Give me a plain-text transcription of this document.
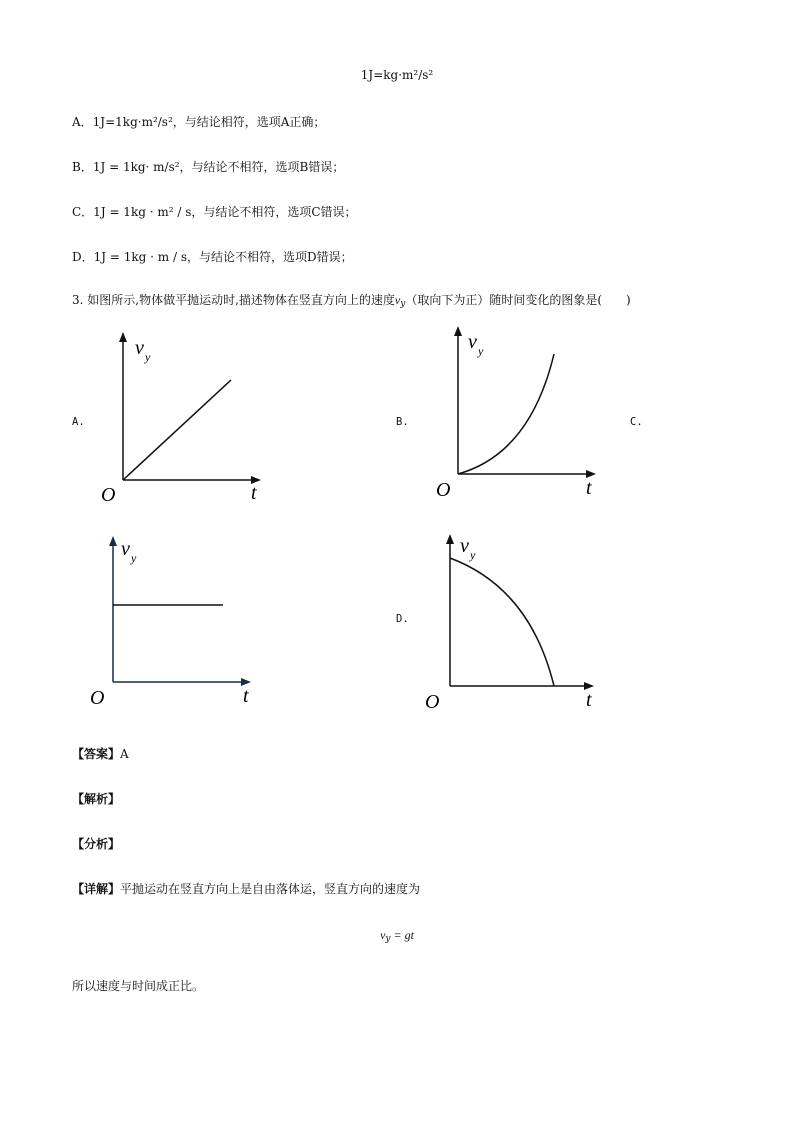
1J=kg·m²/s²
A．1J=1kg·m²/s²，与结论相符，选项A正确；
B．1J = 1kg· m/s²，与结论不相符，选项B错误；
C．1J = 1kg · m² / s，与结论不相符，选项C错误；
D．1J = 1kg · m / s，与结论不相符，选项D错误；
3. 如图所示,物体做平抛运动时,描述物体在竖直方向上的速度$v_y$（取向下为正）随时间变化的图象是(　　)
A.
v y
O	t
B.
v y
O	t
C.
v y
O	t
D.
v y
O	t
【答案】A
【解析】
【分析】
【详解】平抛运动在竖直方向上是自由落体运，竖直方向的速度为
$v_y$ = gt
所以速度与时间成正比。
